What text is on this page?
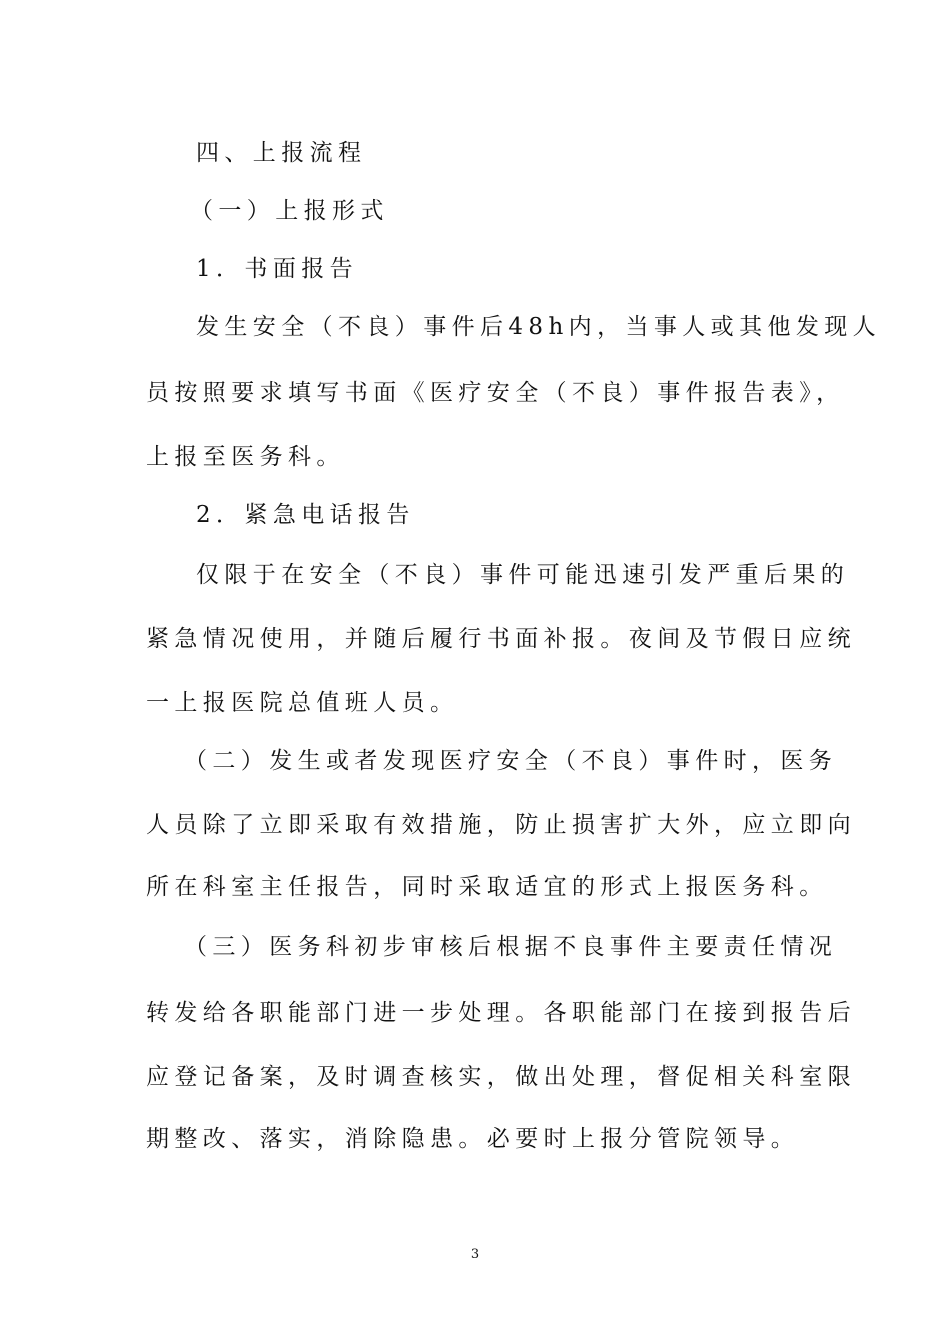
四、上报流程
（一）上报形式
1．书面报告
发生安全（不良）事件后48h内，当事人或其他发现人
员按照要求填写书面《医疗安全（不良）事件报告表》，
上报至医务科。
2．紧急电话报告
仅限于在安全（不良）事件可能迅速引发严重后果的
紧急情况使用，并随后履行书面补报。夜间及节假日应统
一上报医院总值班人员。
（二）发生或者发现医疗安全（不良）事件时，医务
人员除了立即采取有效措施，防止损害扩大外，应立即向
所在科室主任报告，同时采取适宜的形式上报医务科。
（三）医务科初步审核后根据不良事件主要责任情况
转发给各职能部门进一步处理。各职能部门在接到报告后
应登记备案，及时调查核实，做出处理，督促相关科室限
期整改、落实，消除隐患。必要时上报分管院领导。
3
